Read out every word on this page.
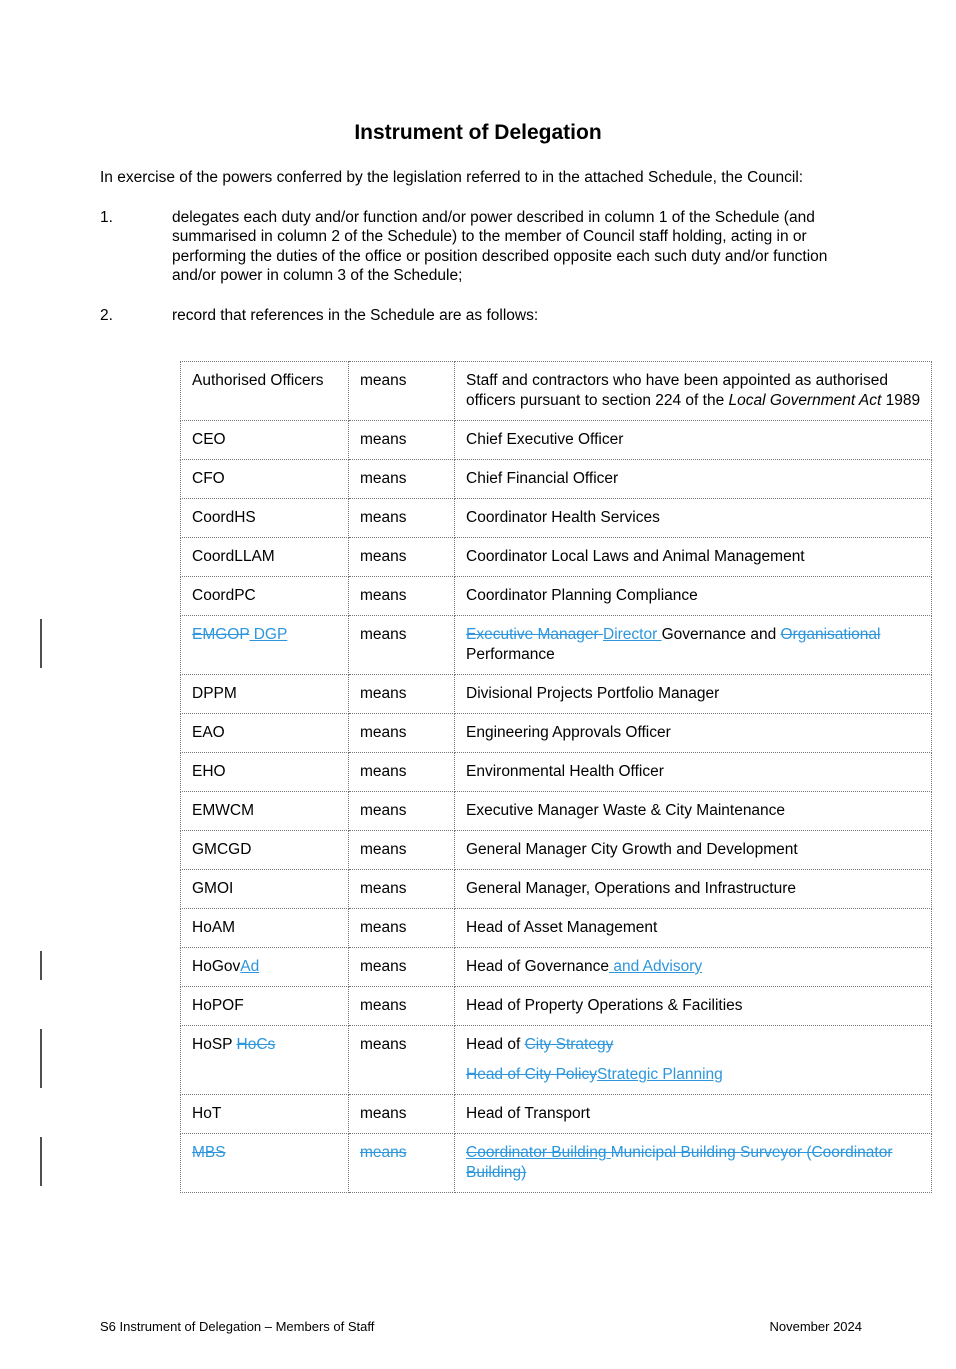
Instrument of Delegation

In exercise of the powers conferred by the legislation referred to in the attached Schedule, the Council:

1.	delegates each duty and/or function and/or power described in column 1 of the Schedule (and summarised in column 2 of the Schedule) to the member of Council staff holding, acting in or performing the duties of the office or position described opposite each such duty and/or function and/or power in column 3 of the Schedule;
2.	record that references in the Schedule are as follows:
Authorised Officers	means	Staff and contractors who have been appointed as authorised officers pursuant to section 224 of the Local Government Act 1989

CEO	means	Chief Executive Officer

CFO	means	Chief Financial Officer

CoordHS	means	Coordinator Health Services

CoordLLAM	means	Coordinator Local Laws and Animal Management

CoordPC	means	Coordinator Planning Compliance

EMGOP DGP	means	Executive Manager Director Governance and Organisational Performance

DPPM	means	Divisional Projects Portfolio Manager

EAO	means	Engineering Approvals Officer

EHO	means	Environmental Health Officer

EMWCM	means	Executive Manager Waste & City Maintenance

GMCGD	means	General Manager City Growth and Development

GMOI	means	General Manager, Operations and Infrastructure

HoAM	means	Head of Asset Management

HoGovAd	means	Head of Governance and Advisory

HoPOF	means	Head of Property Operations & Facilities

HoSP HoCs	means	Head of City Strategy

Head of City PolicyStrategic Planning

HoT	means	Head of Transport

MBS	means	Coordinator Building Municipal Building Surveyor (Coordinator Building)

S6 Instrument of Delegation – Members of Staff	November 2024
